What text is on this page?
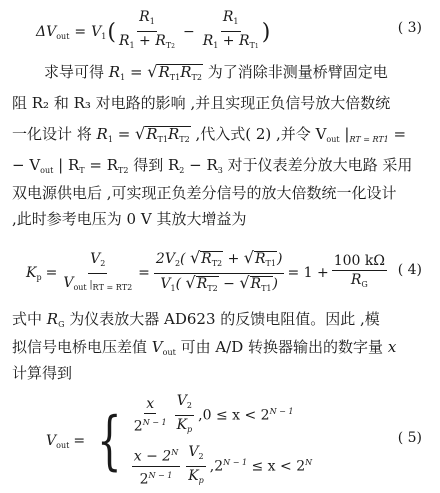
$\Delta V_{out} = V_1$ ( $\frac{R_1}{R_1 + R_{T2}} - \frac{R_1}{R_1 + R_{T1}}$ )	( 3)
求导可得 $R_1 = √R_{T1}R_{T2}$ 为了消除非测量桥臂固定电
阻 R₂ 和 R₃ 对电路的影响 ,并且实现正负信号放大倍数统
一化设计 将 $R_1 = √R_{T1}R_{T2}$ ,代入式( 2) ,并令 $V_{out}$ $|_{RT = RT1}$ =
− $V_{out}$ | $R_T = R_{T2}$ 得到 $R_2 - R_3$ 对于仪表差分放大电路 采用
双电源供电后 ,可实现正负差分信号的放大倍数统一化设计
,此时参考电压为 0 V 其放大增益为
$K_p = \frac{V_2}{V_{out} |_{RT = RT2}} = \frac{2V_2( √R_{T2} + √R_{T1})}{V_1( √R_{T2} - √R_{T1})} = 1 + \frac{100 k\Omega}{R_G}$ ( 4)
式中 $R_G$ 为仪表放大器 AD623 的反馈电阻值。因此 ,模
拟信号电桥电压差值 $V_{out}$ 可由 A/D 转换器输出的数字量 x
计算得到
$V_{out}$ = { $\frac{x}{2^{N - 1}} \frac{V_2}{K_p} ,0 \le x < 2^{N - 1}$
$\frac{x - 2^N}{2^{N - 1}} \frac{V_2}{K_p} ,2^{N - 1} \le x < 2^N$
( 5)
